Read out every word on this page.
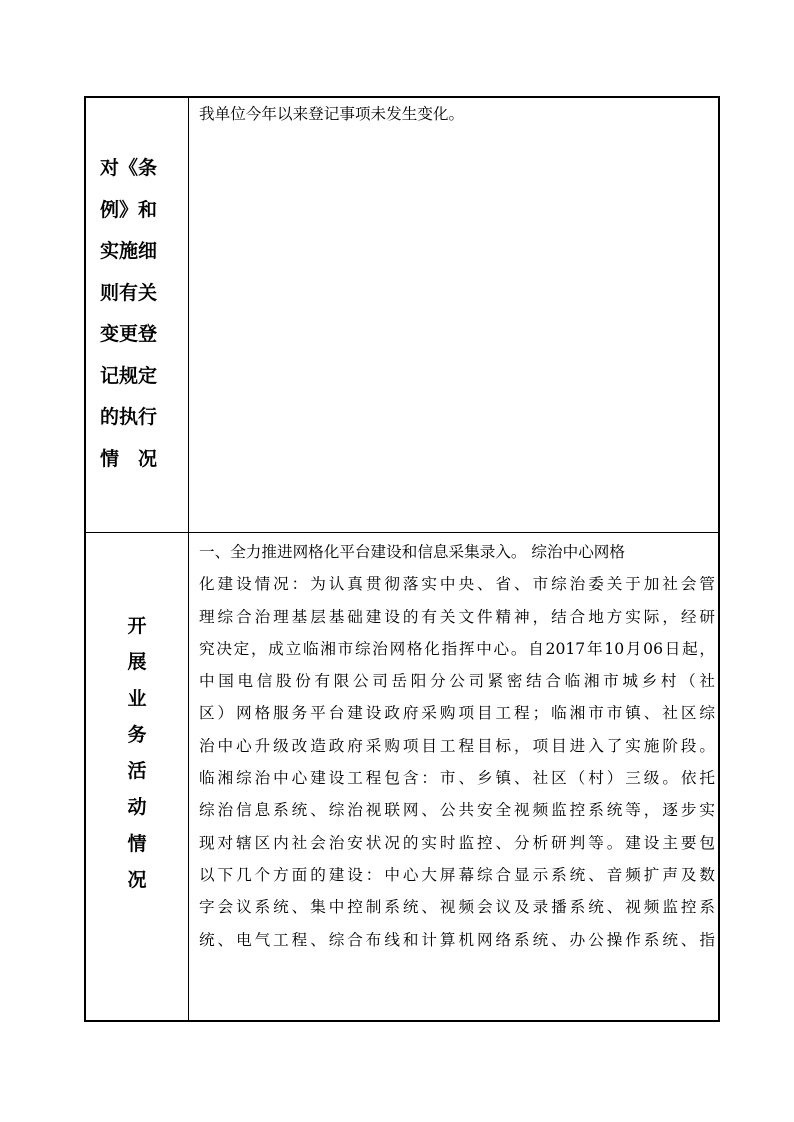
对《条
例》和
实施细
则有关
变更登
记规定
的执行
情　况
我单位今年以来登记事项未发生变化。
开
展
业
务
活
动
情
况
一、全力推进网格化平台建设和信息采集录入。 综治中心网格
化建设情况：为认真贯彻落实中央、省、市综治委关于加社会管
理综合治理基层基础建设的有关文件精神，结合地方实际，经研
究决定，成立临湘市综治网格化指挥中心。自2017年10月06日起，
中国电信股份有限公司岳阳分公司紧密结合临湘市城乡村（社
区）网格服务平台建设政府采购项目工程；临湘市市镇、社区综
治中心升级改造政府采购项目工程目标，项目进入了实施阶段。
临湘综治中心建设工程包含：市、乡镇、社区（村）三级。依托
综治信息系统、综治视联网、公共安全视频监控系统等，逐步实
现对辖区内社会治安状况的实时监控、分析研判等。建设主要包
以下几个方面的建设：中心大屏幕综合显示系统、音频扩声及数
字会议系统、集中控制系统、视频会议及录播系统、视频监控系
统、电气工程、综合布线和计算机网络系统、办公操作系统、指
